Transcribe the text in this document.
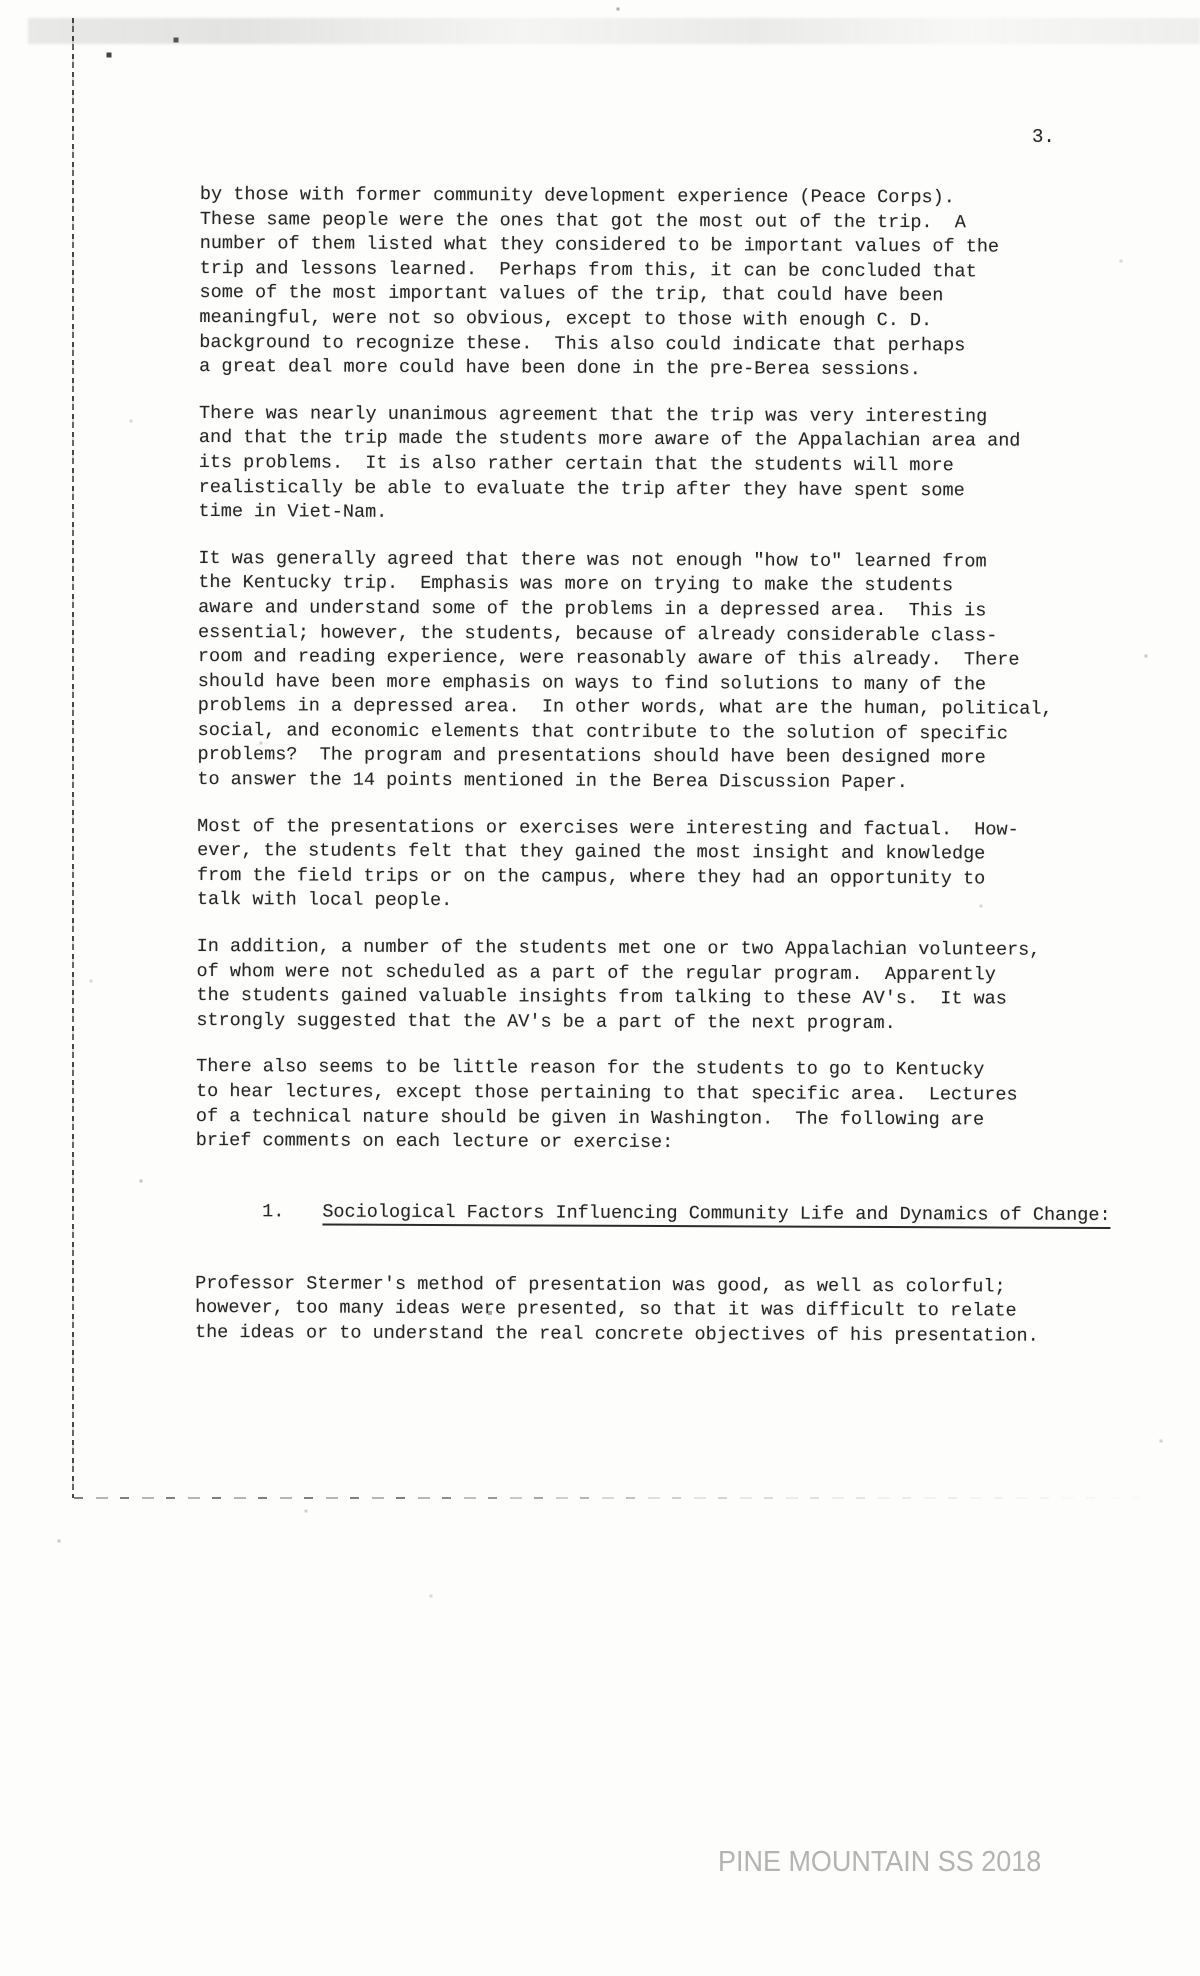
3.

by those with former community development experience (Peace Corps).
These same people were the ones that got the most out of the trip.  A
number of them listed what they considered to be important values of the
trip and lessons learned.  Perhaps from this, it can be concluded that
some of the most important values of the trip, that could have been
meaningful, were not so obvious, except to those with enough C. D.
background to recognize these.  This also could indicate that perhaps
a great deal more could have been done in the pre-Berea sessions.

There was nearly unanimous agreement that the trip was very interesting
and that the trip made the students more aware of the Appalachian area and
its problems.  It is also rather certain that the students will more
realistically be able to evaluate the trip after they have spent some
time in Viet-Nam.

It was generally agreed that there was not enough "how to" learned from
the Kentucky trip.  Emphasis was more on trying to make the students
aware and understand some of the problems in a depressed area.  This is
essential; however, the students, because of already considerable class-
room and reading experience, were reasonably aware of this already.  There
should have been more emphasis on ways to find solutions to many of the
problems in a depressed area.  In other words, what are the human, political,
social, and economic elements that contribute to the solution of specific
problems?  The program and presentations should have been designed more
to answer the 14 points mentioned in the Berea Discussion Paper.

Most of the presentations or exercises were interesting and factual.  How-
ever, the students felt that they gained the most insight and knowledge
from the field trips or on the campus, where they had an opportunity to
talk with local people.

In addition, a number of the students met one or two Appalachian volunteers,
of whom were not scheduled as a part of the regular program.  Apparently
the students gained valuable insights from talking to these AV's.  It was
strongly suggested that the AV's be a part of the next program.

There also seems to be little reason for the students to go to Kentucky
to hear lectures, except those pertaining to that specific area.  Lectures
of a technical nature should be given in Washington.  The following are
brief comments on each lecture or exercise:

1. Sociological Factors Influencing Community Life and Dynamics of Change:

Professor Stermer's method of presentation was good, as well as colorful;
however, too many ideas were presented, so that it was difficult to relate
the ideas or to understand the real concrete objectives of his presentation.

PINE MOUNTAIN SS 2018
